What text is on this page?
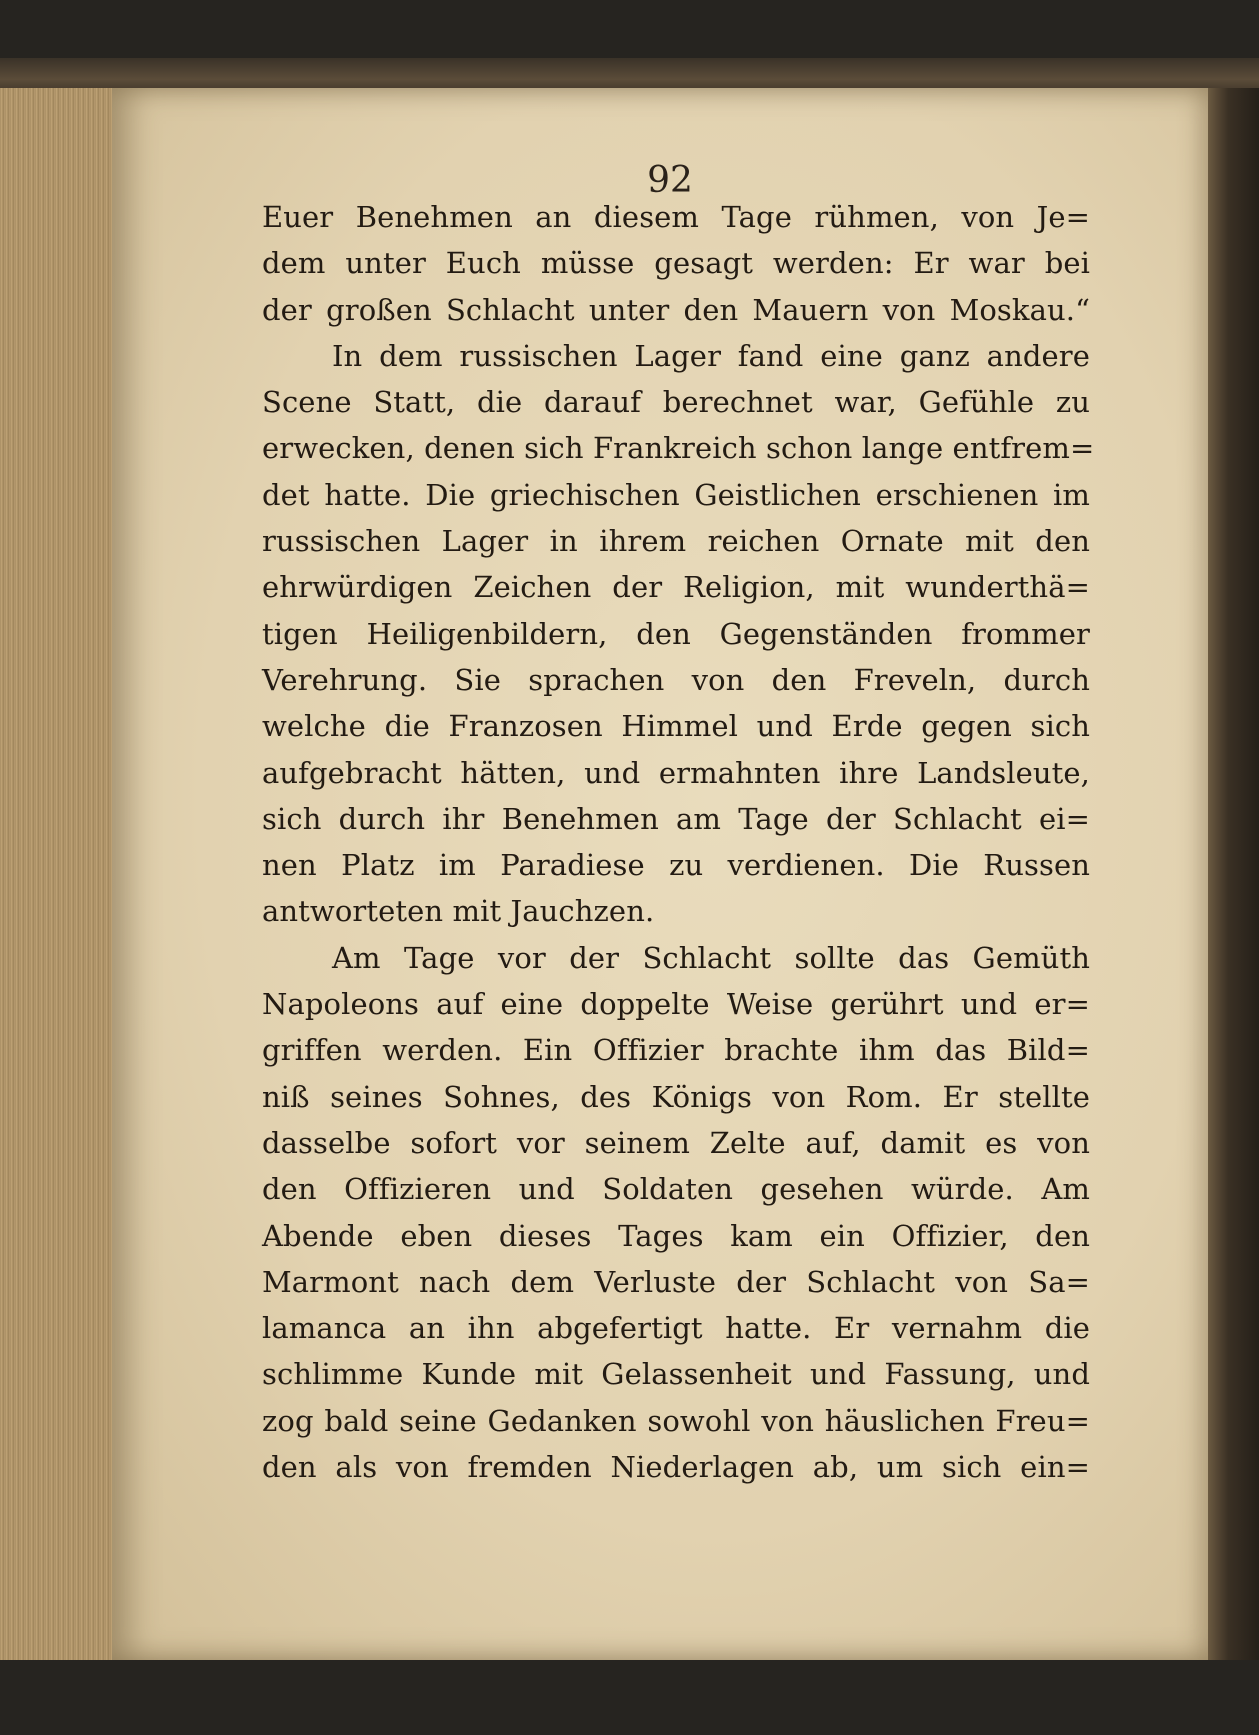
92

Euer Benehmen an diesem Tage rühmen, von Je=

dem unter Euch müsse gesagt werden: Er war bei

der großen Schlacht unter den Mauern von Moskau.“

In dem russischen Lager fand eine ganz andere

Scene Statt, die darauf berechnet war, Gefühle zu

erwecken, denen sich Frankreich schon lange entfrem=

det hatte. Die griechischen Geistlichen erschienen im

russischen Lager in ihrem reichen Ornate mit den

ehrwürdigen Zeichen der Religion, mit wunderthä=

tigen Heiligenbildern, den Gegenständen frommer

Verehrung. Sie sprachen von den Freveln, durch

welche die Franzosen Himmel und Erde gegen sich

aufgebracht hätten, und ermahnten ihre Landsleute,

sich durch ihr Benehmen am Tage der Schlacht ei=

nen Platz im Paradiese zu verdienen. Die Russen

antworteten mit Jauchzen.

Am Tage vor der Schlacht sollte das Gemüth

Napoleons auf eine doppelte Weise gerührt und er=

griffen werden. Ein Offizier brachte ihm das Bild=

niß seines Sohnes, des Königs von Rom. Er stellte

dasselbe sofort vor seinem Zelte auf, damit es von

den Offizieren und Soldaten gesehen würde. Am

Abende eben dieses Tages kam ein Offizier, den

Marmont nach dem Verluste der Schlacht von Sa=

lamanca an ihn abgefertigt hatte. Er vernahm die

schlimme Kunde mit Gelassenheit und Fassung, und

zog bald seine Gedanken sowohl von häuslichen Freu=

den als von fremden Niederlagen ab, um sich ein=
